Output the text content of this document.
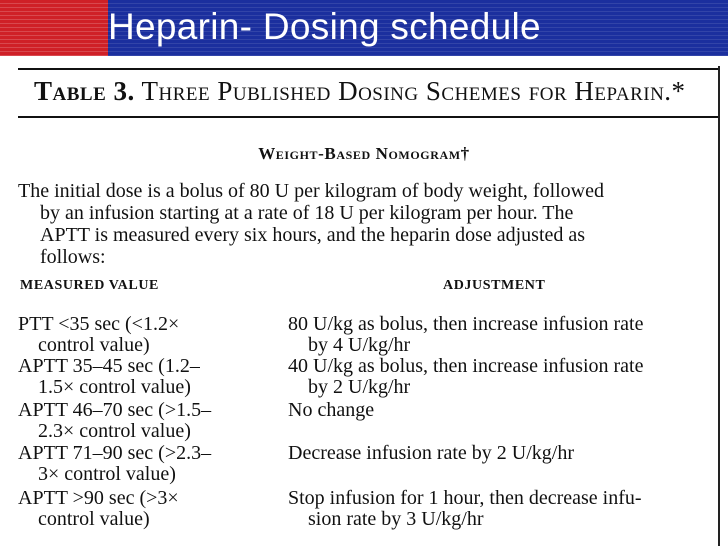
Heparin- Dosing schedule
Table 3. Three Published Dosing Schemes for Heparin.*
Weight-Based Nomogram†
The initial dose is a bolus of 80 U per kilogram of body weight, followed
by an infusion starting at a rate of 18 U per kilogram per hour. The
APTT is measured every six hours, and the heparin dose adjusted as
follows:
MEASURED VALUE	ADJUSTMENT
PTT <35 sec (<1.2×
control value)
80 U/kg as bolus, then increase infusion rate
by 4 U/kg/hr
APTT 35–45 sec (1.2–
1.5× control value)
40 U/kg as bolus, then increase infusion rate
by 2 U/kg/hr
APTT 46–70 sec (>1.5–
2.3× control value)
No change
APTT 71–90 sec (>2.3–
3× control value)
Decrease infusion rate by 2 U/kg/hr
APTT >90 sec (>3×
control value)
Stop infusion for 1 hour, then decrease infu-
sion rate by 3 U/kg/hr
